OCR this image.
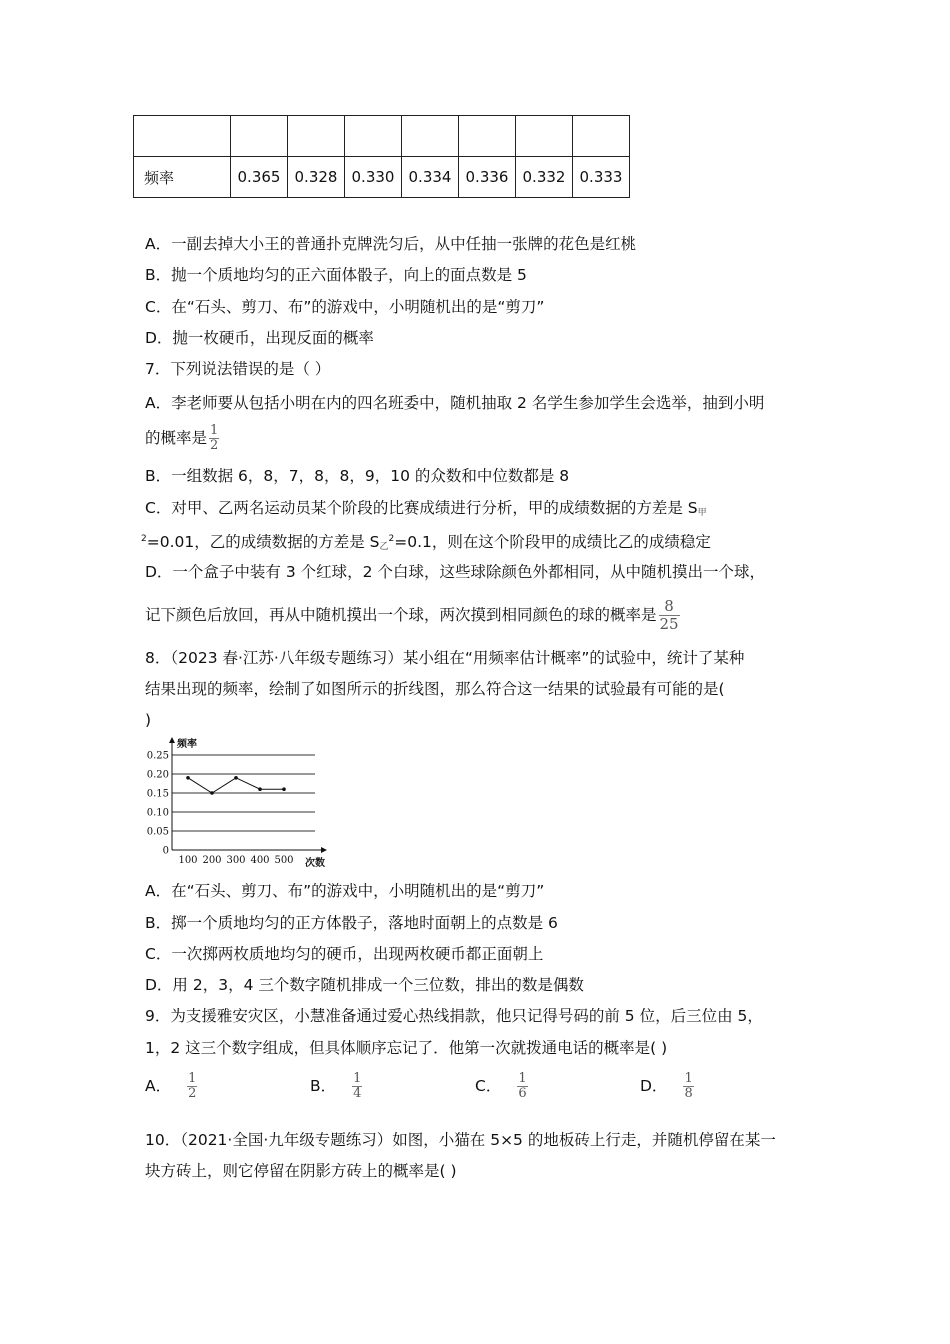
频率	0.365	0.328	0.330	0.334	0.336	0.332	0.333
A．一副去掉大小王的普通扑克牌洗匀后，从中任抽一张牌的花色是红桃
B．抛一个质地均匀的正六面体骰子，向上的面点数是 5
C．在“石头、剪刀、布”的游戏中，小明随机出的是“剪刀”
D．抛一枚硬币，出现反面的概率
7．下列说法错误的是（ ）
A．李老师要从包括小明在内的四名班委中，随机抽取 2 名学生参加学生会选举，抽到小明
的概率是 $\frac{1}{2}$
B．一组数据 6，8，7，8，8，9，10 的众数和中位数都是 8
C．对甲、乙两名运动员某个阶段的比赛成绩进行分析，甲的成绩数据的方差是 $S_甲$
$^2$=0.01，乙的成绩数据的方差是 $S_乙^2=0.1$，则在这个阶段甲的成绩比乙的成绩稳定
D．一个盒子中装有 3 个红球，2 个白球，这些球除颜色外都相同，从中随机摸出一个球，
记下颜色后放回，再从中随机摸出一个球，两次摸到相同颜色的球的概率是 $\frac{8}{25}$
8．（2023 春·江苏·八年级专题练习）某小组在“用频率估计概率”的试验中，统计了某种
结果出现的频率，绘制了如图所示的折线图，那么符合这一结果的试验最有可能的是(
)
0
0.05
0.10
0.15
0.20
0.25
频率
次数
100 200 300 400 500
A．在“石头、剪刀、布”的游戏中，小明随机出的是“剪刀”
B．掷一个质地均匀的正方体骰子，落地时面朝上的点数是 6
C．一次掷两枚质地均匀的硬币，出现两枚硬币都正面朝上
D．用 2，3，4 三个数字随机排成一个三位数，排出的数是偶数
9．为支援雅安灾区，小慧准备通过爱心热线捐款，他只记得号码的前 5 位，后三位由 5，
1，2 这三个数字组成，但具体顺序忘记了．他第一次就拨通电话的概率是( )
A． $\frac{1}{2}$	B． $\frac{1}{4}$	C． $\frac{1}{6}$	D． $\frac{1}{8}$
10．（2021·全国·九年级专题练习）如图，小猫在 5×5 的地板砖上行走，并随机停留在某一
块方砖上，则它停留在阴影方砖上的概率是( )
